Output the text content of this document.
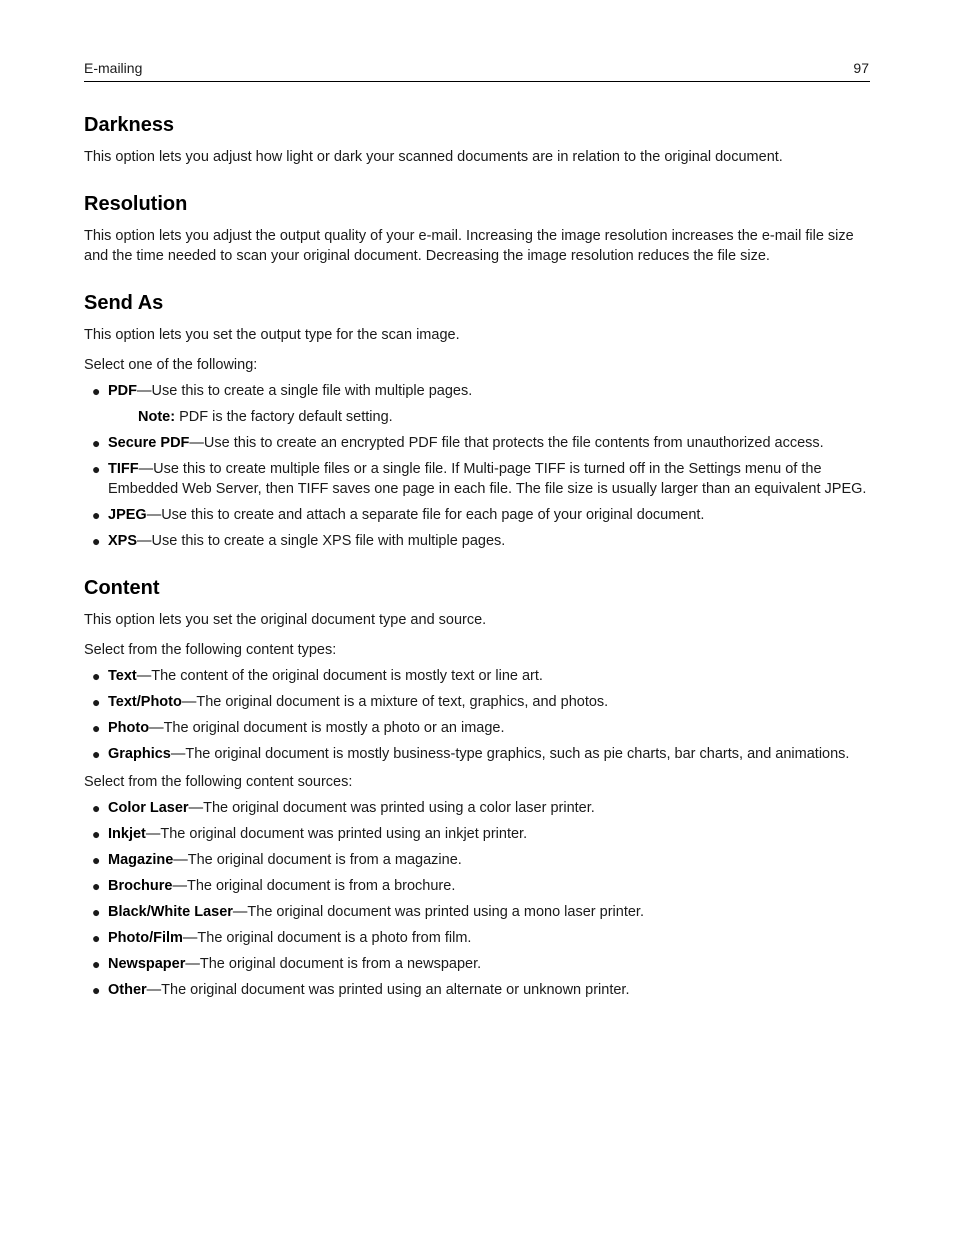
E-mailing	97
Darkness

This option lets you adjust how light or dark your scanned documents are in relation to the original document.

Resolution

This option lets you adjust the output quality of your e-mail. Increasing the image resolution increases the e-mail file size and the time needed to scan your original document. Decreasing the image resolution reduces the file size.

Send As

This option lets you set the output type for the scan image.

Select one of the following:

● PDF—Use this to create a single file with multiple pages.
Note: PDF is the factory default setting.
● Secure PDF—Use this to create an encrypted PDF file that protects the file contents from unauthorized access.
● TIFF—Use this to create multiple files or a single file. If Multi-page TIFF is turned off in the Settings menu of the Embedded Web Server, then TIFF saves one page in each file. The file size is usually larger than an equivalent JPEG.
● JPEG—Use this to create and attach a separate file for each page of your original document.
● XPS—Use this to create a single XPS file with multiple pages.
Content

This option lets you set the original document type and source.

Select from the following content types:

● Text—The content of the original document is mostly text or line art.
● Text/Photo—The original document is a mixture of text, graphics, and photos.
● Photo—The original document is mostly a photo or an image.
● Graphics—The original document is mostly business-type graphics, such as pie charts, bar charts, and animations.

Select from the following content sources:

● Color Laser—The original document was printed using a color laser printer.
● Inkjet—The original document was printed using an inkjet printer.
● Magazine—The original document is from a magazine.
● Brochure—The original document is from a brochure.
● Black/White Laser—The original document was printed using a mono laser printer.
● Photo/Film—The original document is a photo from film.
● Newspaper—The original document is from a newspaper.
● Other—The original document was printed using an alternate or unknown printer.
